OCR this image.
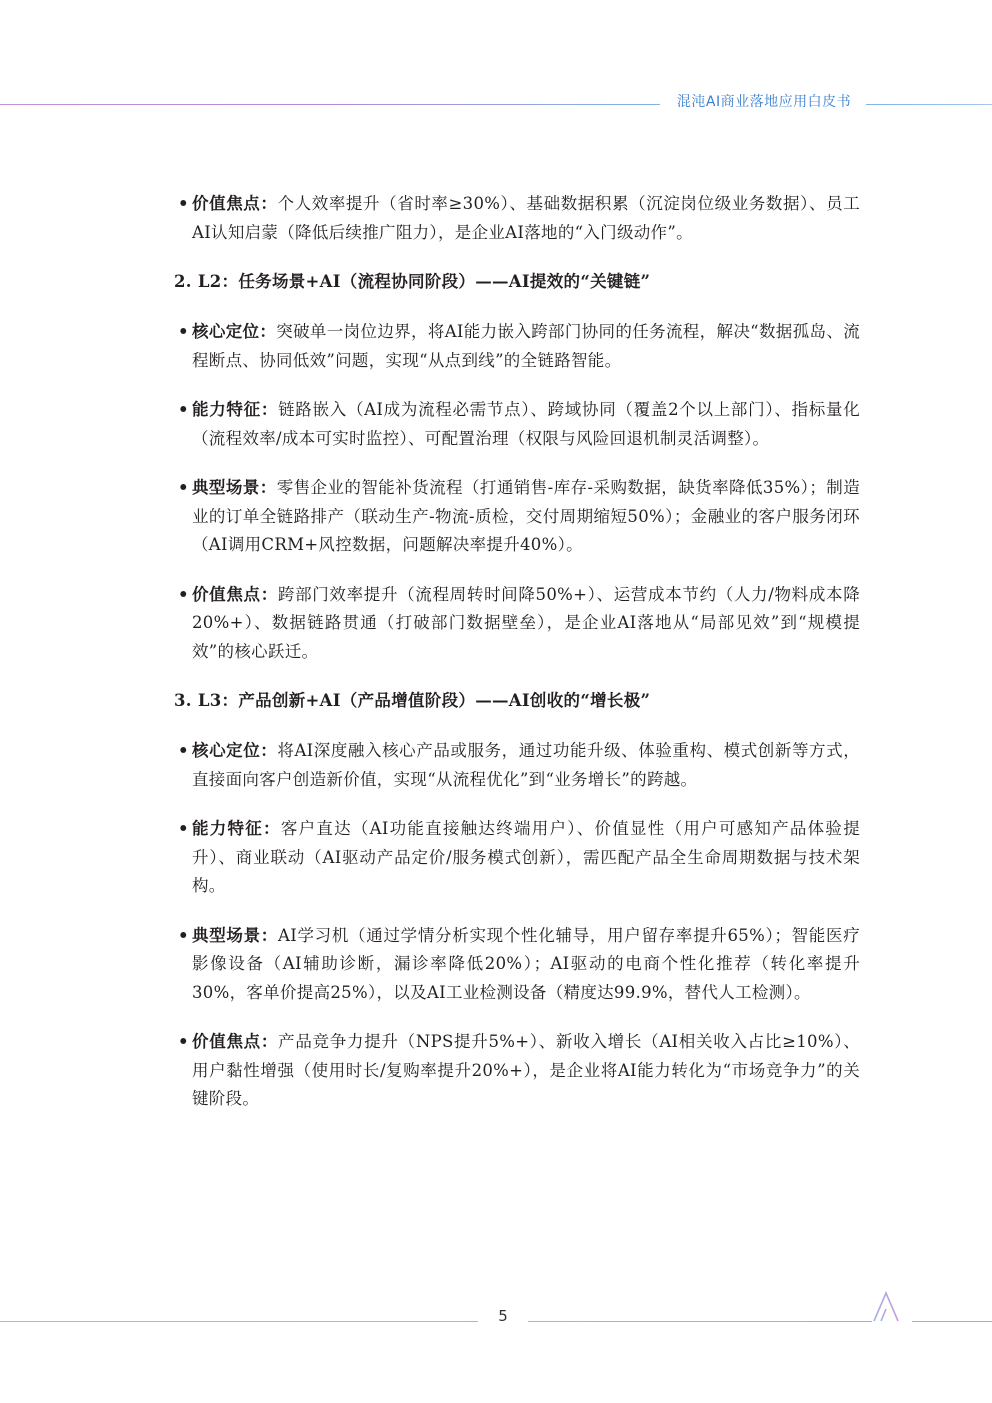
混沌AI商业落地应用白皮书
• 价值焦点：个人效率提升（省时率≥30%）、基础数据积累（沉淀岗位级业务数据）、员工AI认知启蒙（降低后续推广阻力），是企业AI落地的“入门级动作”。
2. L2：任务场景+AI（流程协同阶段）——AI提效的“关键链”
• 核心定位：突破单一岗位边界，将AI能力嵌入跨部门协同的任务流程，解决“数据孤岛、流程断点、协同低效”问题，实现“从点到线”的全链路智能。
• 能力特征：链路嵌入（AI成为流程必需节点）、跨域协同（覆盖2个以上部门）、指标量化（流程效率/成本可实时监控）、可配置治理（权限与风险回退机制灵活调整）。
• 典型场景：零售企业的智能补货流程（打通销售-库存-采购数据，缺货率降低35%）；制造业的订单全链路排产（联动生产-物流-质检，交付周期缩短50%）；金融业的客户服务闭环（AI调用CRM+风控数据，问题解决率提升40%）。
• 价值焦点：跨部门效率提升（流程周转时间降50%+）、运营成本节约（人力/物料成本降20%+）、数据链路贯通（打破部门数据壁垒），是企业AI落地从“局部见效”到“规模提效”的核心跃迁。
3. L3：产品创新+AI（产品增值阶段）——AI创收的“增长极”
• 核心定位：将AI深度融入核心产品或服务，通过功能升级、体验重构、模式创新等方式，直接面向客户创造新价值，实现“从流程优化”到“业务增长”的跨越。
• 能力特征：客户直达（AI功能直接触达终端用户）、价值显性（用户可感知产品体验提升）、商业联动（AI驱动产品定价/服务模式创新），需匹配产品全生命周期数据与技术架构。
• 典型场景：AI学习机（通过学情分析实现个性化辅导，用户留存率提升65%）；智能医疗影像设备（AI辅助诊断，漏诊率降低20%）；AI驱动的电商个性化推荐（转化率提升30%，客单价提高25%），以及AI工业检测设备（精度达99.9%，替代人工检测）。
• 价值焦点：产品竞争力提升（NPS提升5%+）、新收入增长（AI相关收入占比≥10%）、用户黏性增强（使用时长/复购率提升20%+），是企业将AI能力转化为“市场竞争力”的关键阶段。
5
